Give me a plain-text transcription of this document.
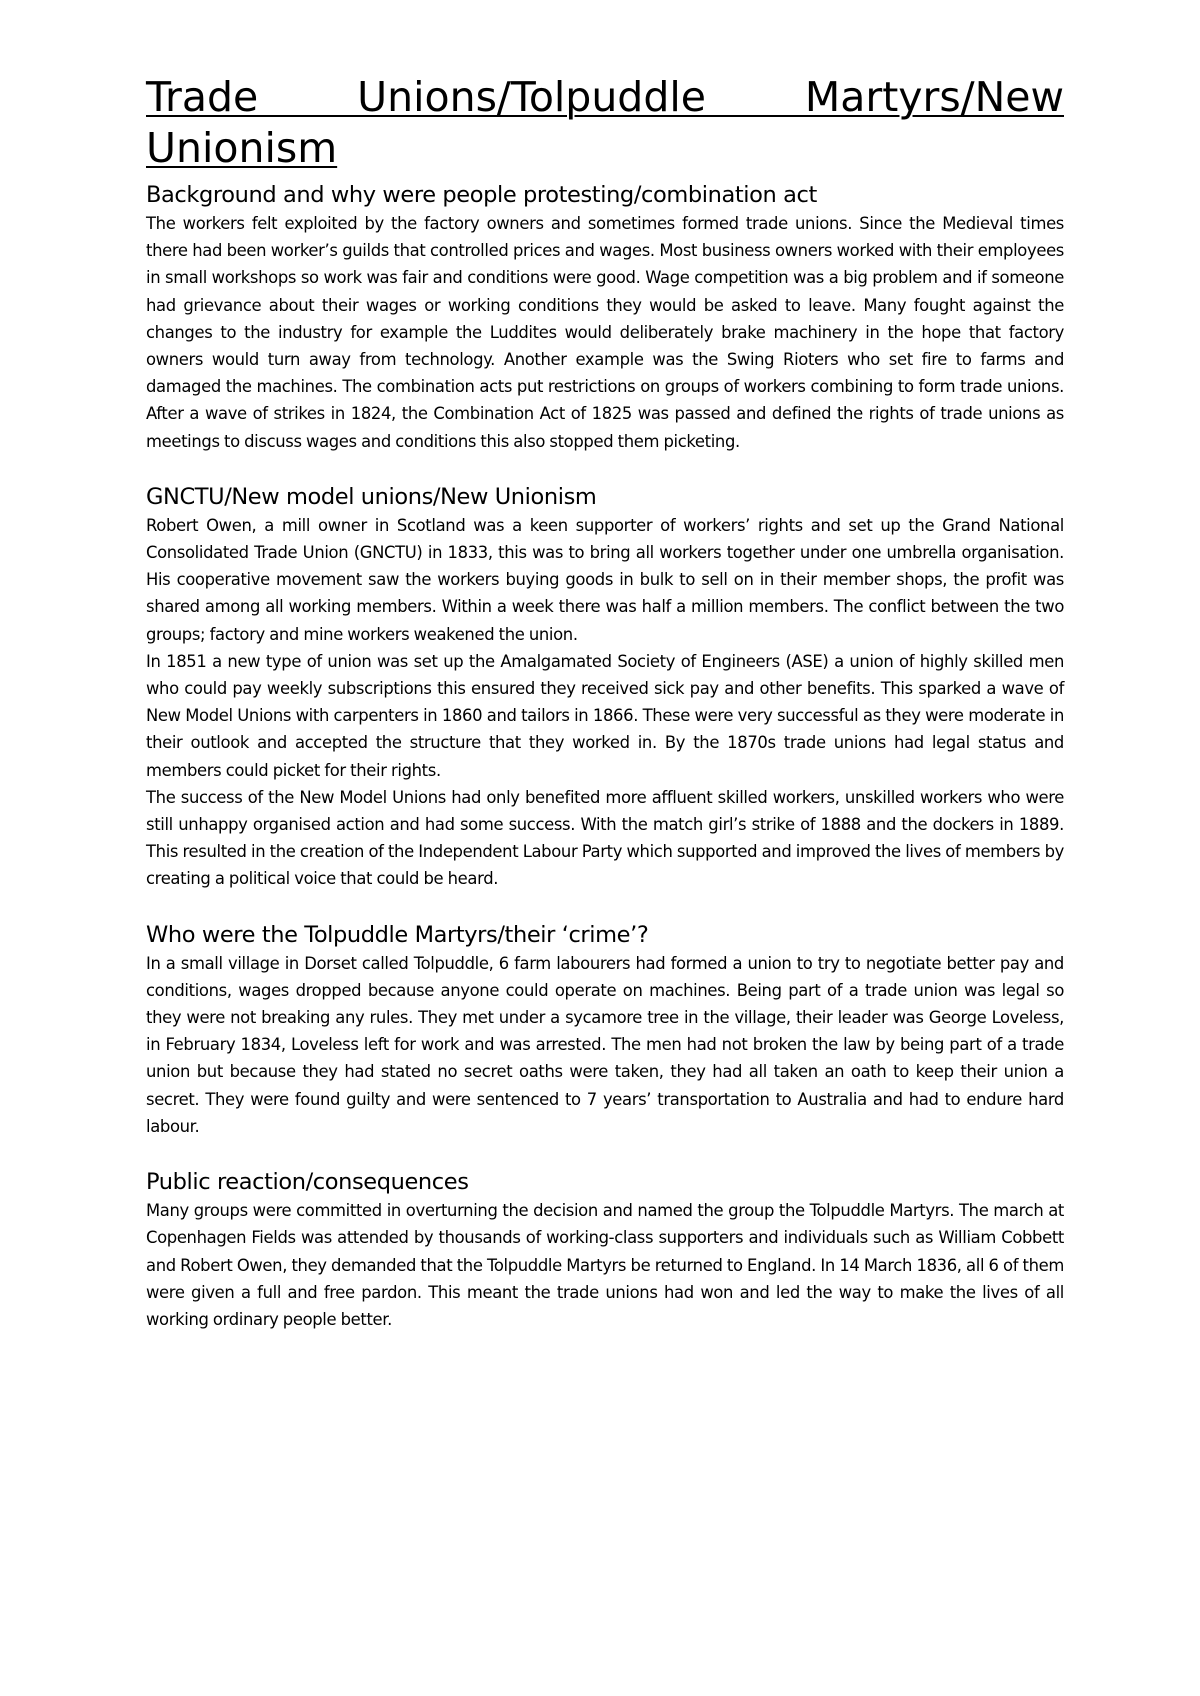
Trade Unions/Tolpuddle Martyrs/New Unionism
Background and why were people protesting/combination act

The workers felt exploited by the factory owners and sometimes formed trade unions. Since the Medieval times there had been worker’s guilds that controlled prices and wages. Most business owners worked with their employees in small workshops so work was fair and conditions were good. Wage competition was a big problem and if someone had grievance about their wages or working conditions they would be asked to leave. Many fought against the changes to the industry for example the Luddites would deliberately brake machinery in the hope that factory owners would turn away from technology. Another example was the Swing Rioters who set fire to farms and damaged the machines. The combination acts put restrictions on groups of workers combining to form trade unions. After a wave of strikes in 1824, the Combination Act of 1825 was passed and defined the rights of trade unions as meetings to discuss wages and conditions this also stopped them picketing.

GNCTU/New model unions/New Unionism

Robert Owen, a mill owner in Scotland was a keen supporter of workers’ rights and set up the Grand National Consolidated Trade Union (GNCTU) in 1833, this was to bring all workers together under one umbrella organisation. His cooperative movement saw the workers buying goods in bulk to sell on in their member shops, the profit was shared among all working members. Within a week there was half a million members. The conflict between the two groups; factory and mine workers weakened the union.

In 1851 a new type of union was set up the Amalgamated Society of Engineers (ASE) a union of highly skilled men who could pay weekly subscriptions this ensured they received sick pay and other benefits. This sparked a wave of New Model Unions with carpenters in 1860 and tailors in 1866. These were very successful as they were moderate in their outlook and accepted the structure that they worked in. By the 1870s trade unions had legal status and members could picket for their rights.

The success of the New Model Unions had only benefited more affluent skilled workers, unskilled workers who were still unhappy organised action and had some success. With the match girl’s strike of 1888 and the dockers in 1889. This resulted in the creation of the Independent Labour Party which supported and improved the lives of members by creating a political voice that could be heard.

Who were the Tolpuddle Martyrs/their ‘crime’?

In a small village in Dorset called Tolpuddle, 6 farm labourers had formed a union to try to negotiate better pay and conditions, wages dropped because anyone could operate on machines. Being part of a trade union was legal so they were not breaking any rules. They met under a sycamore tree in the village, their leader was George Loveless, in February 1834, Loveless left for work and was arrested. The men had not broken the law by being part of a trade union but because they had stated no secret oaths were taken, they had all taken an oath to keep their union a secret. They were found guilty and were sentenced to 7 years’ transportation to Australia and had to endure hard labour.

Public reaction/consequences

Many groups were committed in overturning the decision and named the group the Tolpuddle Martyrs. The march at Copenhagen Fields was attended by thousands of working-class supporters and individuals such as William Cobbett and Robert Owen, they demanded that the Tolpuddle Martyrs be returned to England. In 14 March 1836, all 6 of them were given a full and free pardon. This meant the trade unions had won and led the way to make the lives of all working ordinary people better.
